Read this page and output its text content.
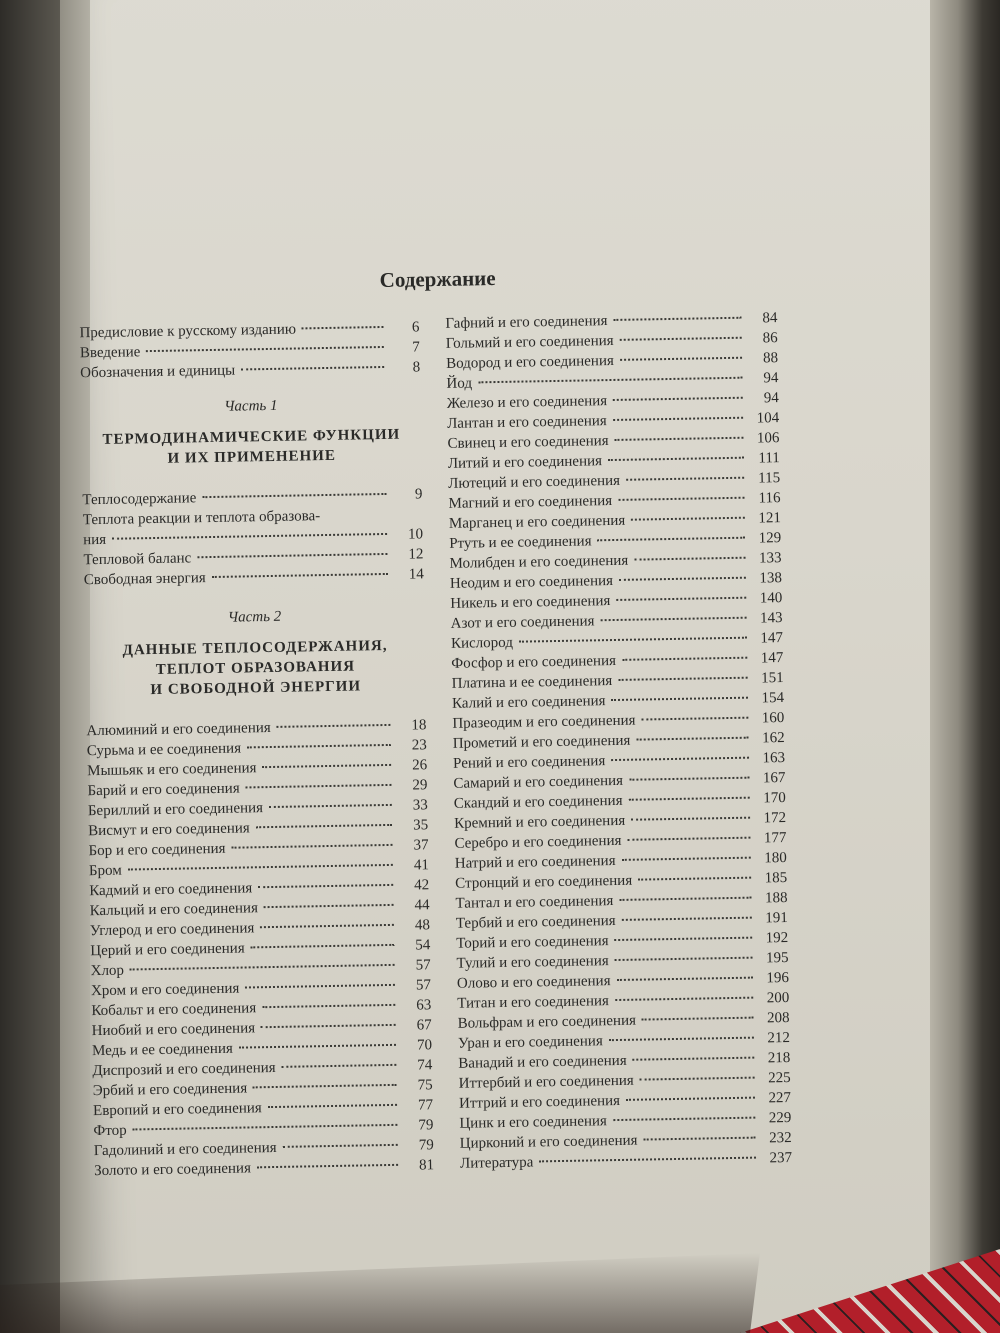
Содержание
Предисловие к русскому изданию	6
Введение	7
Обозначения и единицы	8
Часть 1
ТЕРМОДИНАМИЧЕСКИЕ ФУНКЦИИ
И ИХ ПРИМЕНЕНИЕ
Теплосодержание	9
Теплота реакции и теплота образова-
ния	10
Тепловой баланс	12
Свободная энергия	14
Часть 2
ДАННЫЕ ТЕПЛОСОДЕРЖАНИЯ,
ТЕПЛОТ ОБРАЗОВАНИЯ
И СВОБОДНОЙ ЭНЕРГИИ
Алюминий и его соединения	18
Сурьма и ее соединения	23
Мышьяк и его соединения	26
Барий и его соединения	29
Бериллий и его соединения	33
Висмут и его соединения	35
Бор и его соединения	37
Бром	41
Кадмий и его соединения	42
Кальций и его соединения	44
Углерод и его соединения	48
Церий и его соединения	54
Хлор	57
Хром и его соединения	57
Кобальт и его соединения	63
Ниобий и его соединения	67
Медь и ее соединения	70
Диспрозий и его соединения	74
Эрбий и его соединения	75
Европий и его соединения	77
Фтор	79
Гадолиний и его соединения	79
Золото и его соединения	81
Гафний и его соединения	84
Гольмий и его соединения	86
Водород и его соединения	88
Йод	94
Железо и его соединения	94
Лантан и его соединения	104
Свинец и его соединения	106
Литий и его соединения	111
Лютеций и его соединения	115
Магний и его соединения	116
Марганец и его соединения	121
Ртуть и ее соединения	129
Молибден и его соединения	133
Неодим и его соединения	138
Никель и его соединения	140
Азот и его соединения	143
Кислород	147
Фосфор и его соединения	147
Платина и ее соединения	151
Калий и его соединения	154
Празеодим и его соединения	160
Прометий и его соединения	162
Рений и его соединения	163
Самарий и его соединения	167
Скандий и его соединения	170
Кремний и его соединения	172
Серебро и его соединения	177
Натрий и его соединения	180
Стронций и его соединения	185
Тантал и его соединения	188
Тербий и его соединения	191
Торий и его соединения	192
Тулий и его соединения	195
Олово и его соединения	196
Титан и его соединения	200
Вольфрам и его соединения	208
Уран и его соединения	212
Ванадий и его соединения	218
Иттербий и его соединения	225
Иттрий и его соединения	227
Цинк и его соединения	229
Цирконий и его соединения	232
Литература	237
